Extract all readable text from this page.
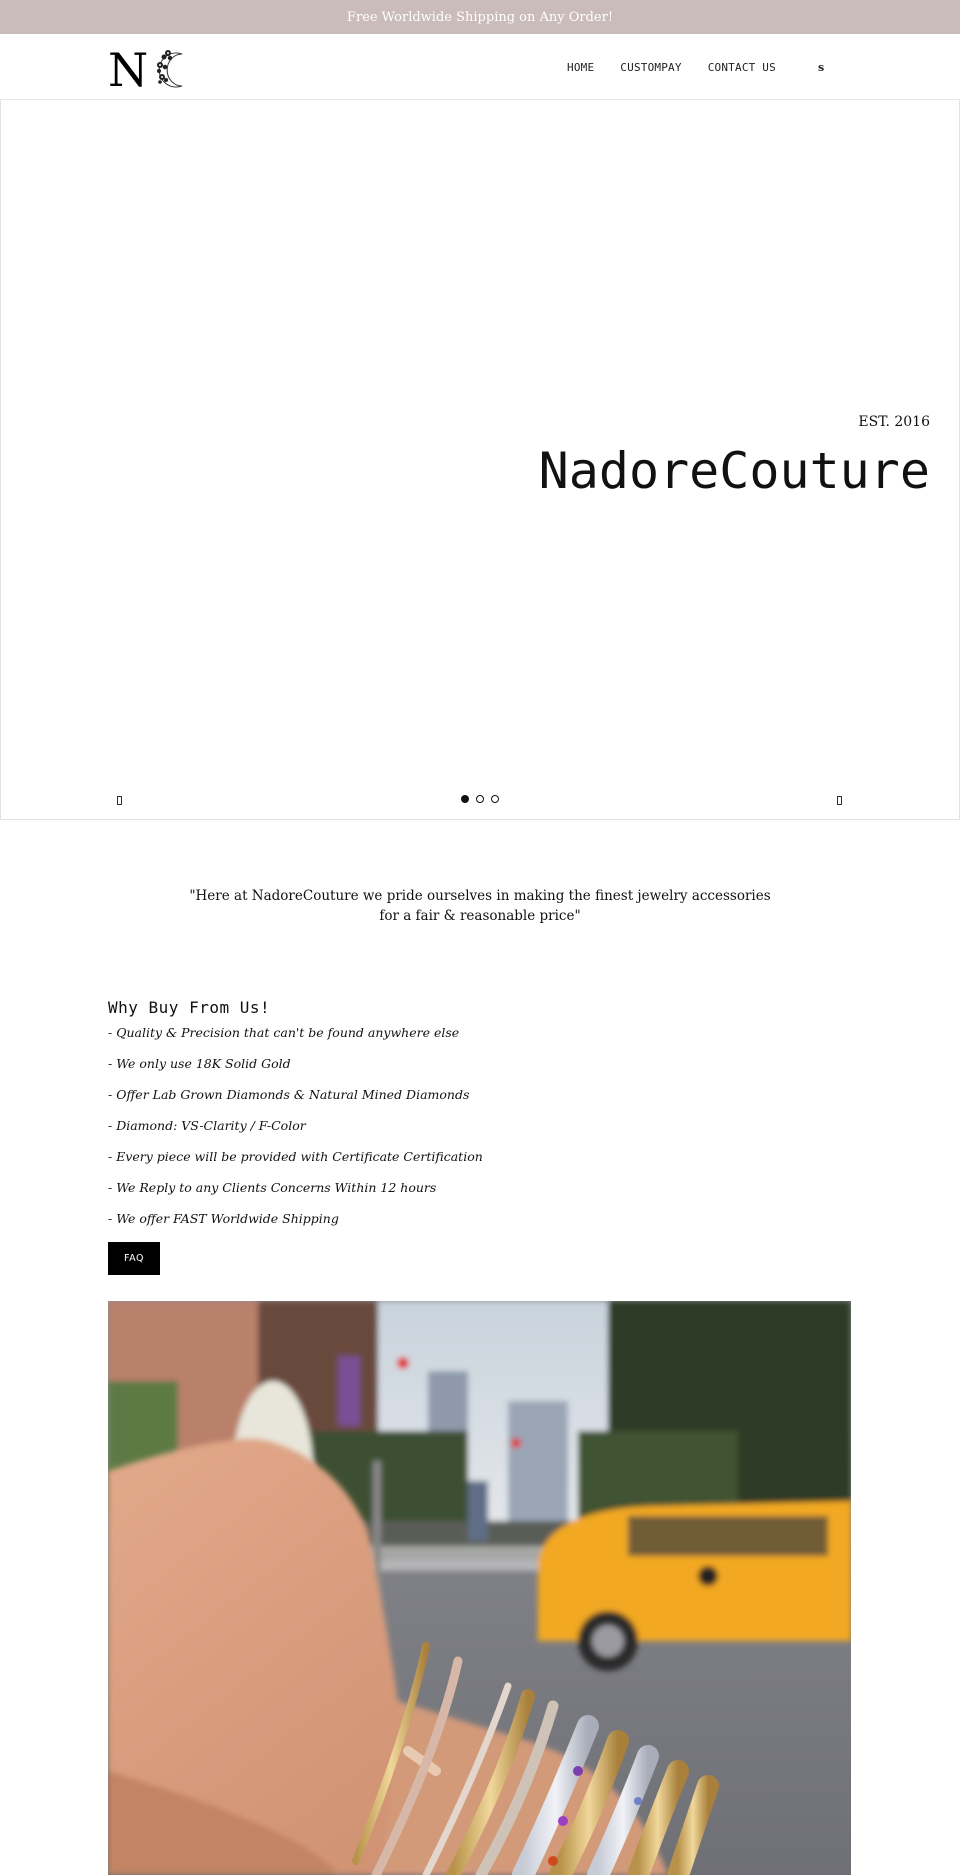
Free Worldwide Shipping on Any Order!
N	HOME CUSTOMPAY CONTACT US	s
EST. 2016
NadoreCouture
"Here at NadoreCouture we pride ourselves in making the finest jewelry accessories
for a fair & reasonable price"
Why Buy From Us!
- Quality & Precision that can't be found anywhere else
- We only use 18K Solid Gold
- Offer Lab Grown Diamonds & Natural Mined Diamonds
- Diamond: VS-Clarity / F-Color
- Every piece will be provided with Certificate Certification
- We Reply to any Clients Concerns Within 12 hours
- We offer FAST Worldwide Shipping
FAQ
